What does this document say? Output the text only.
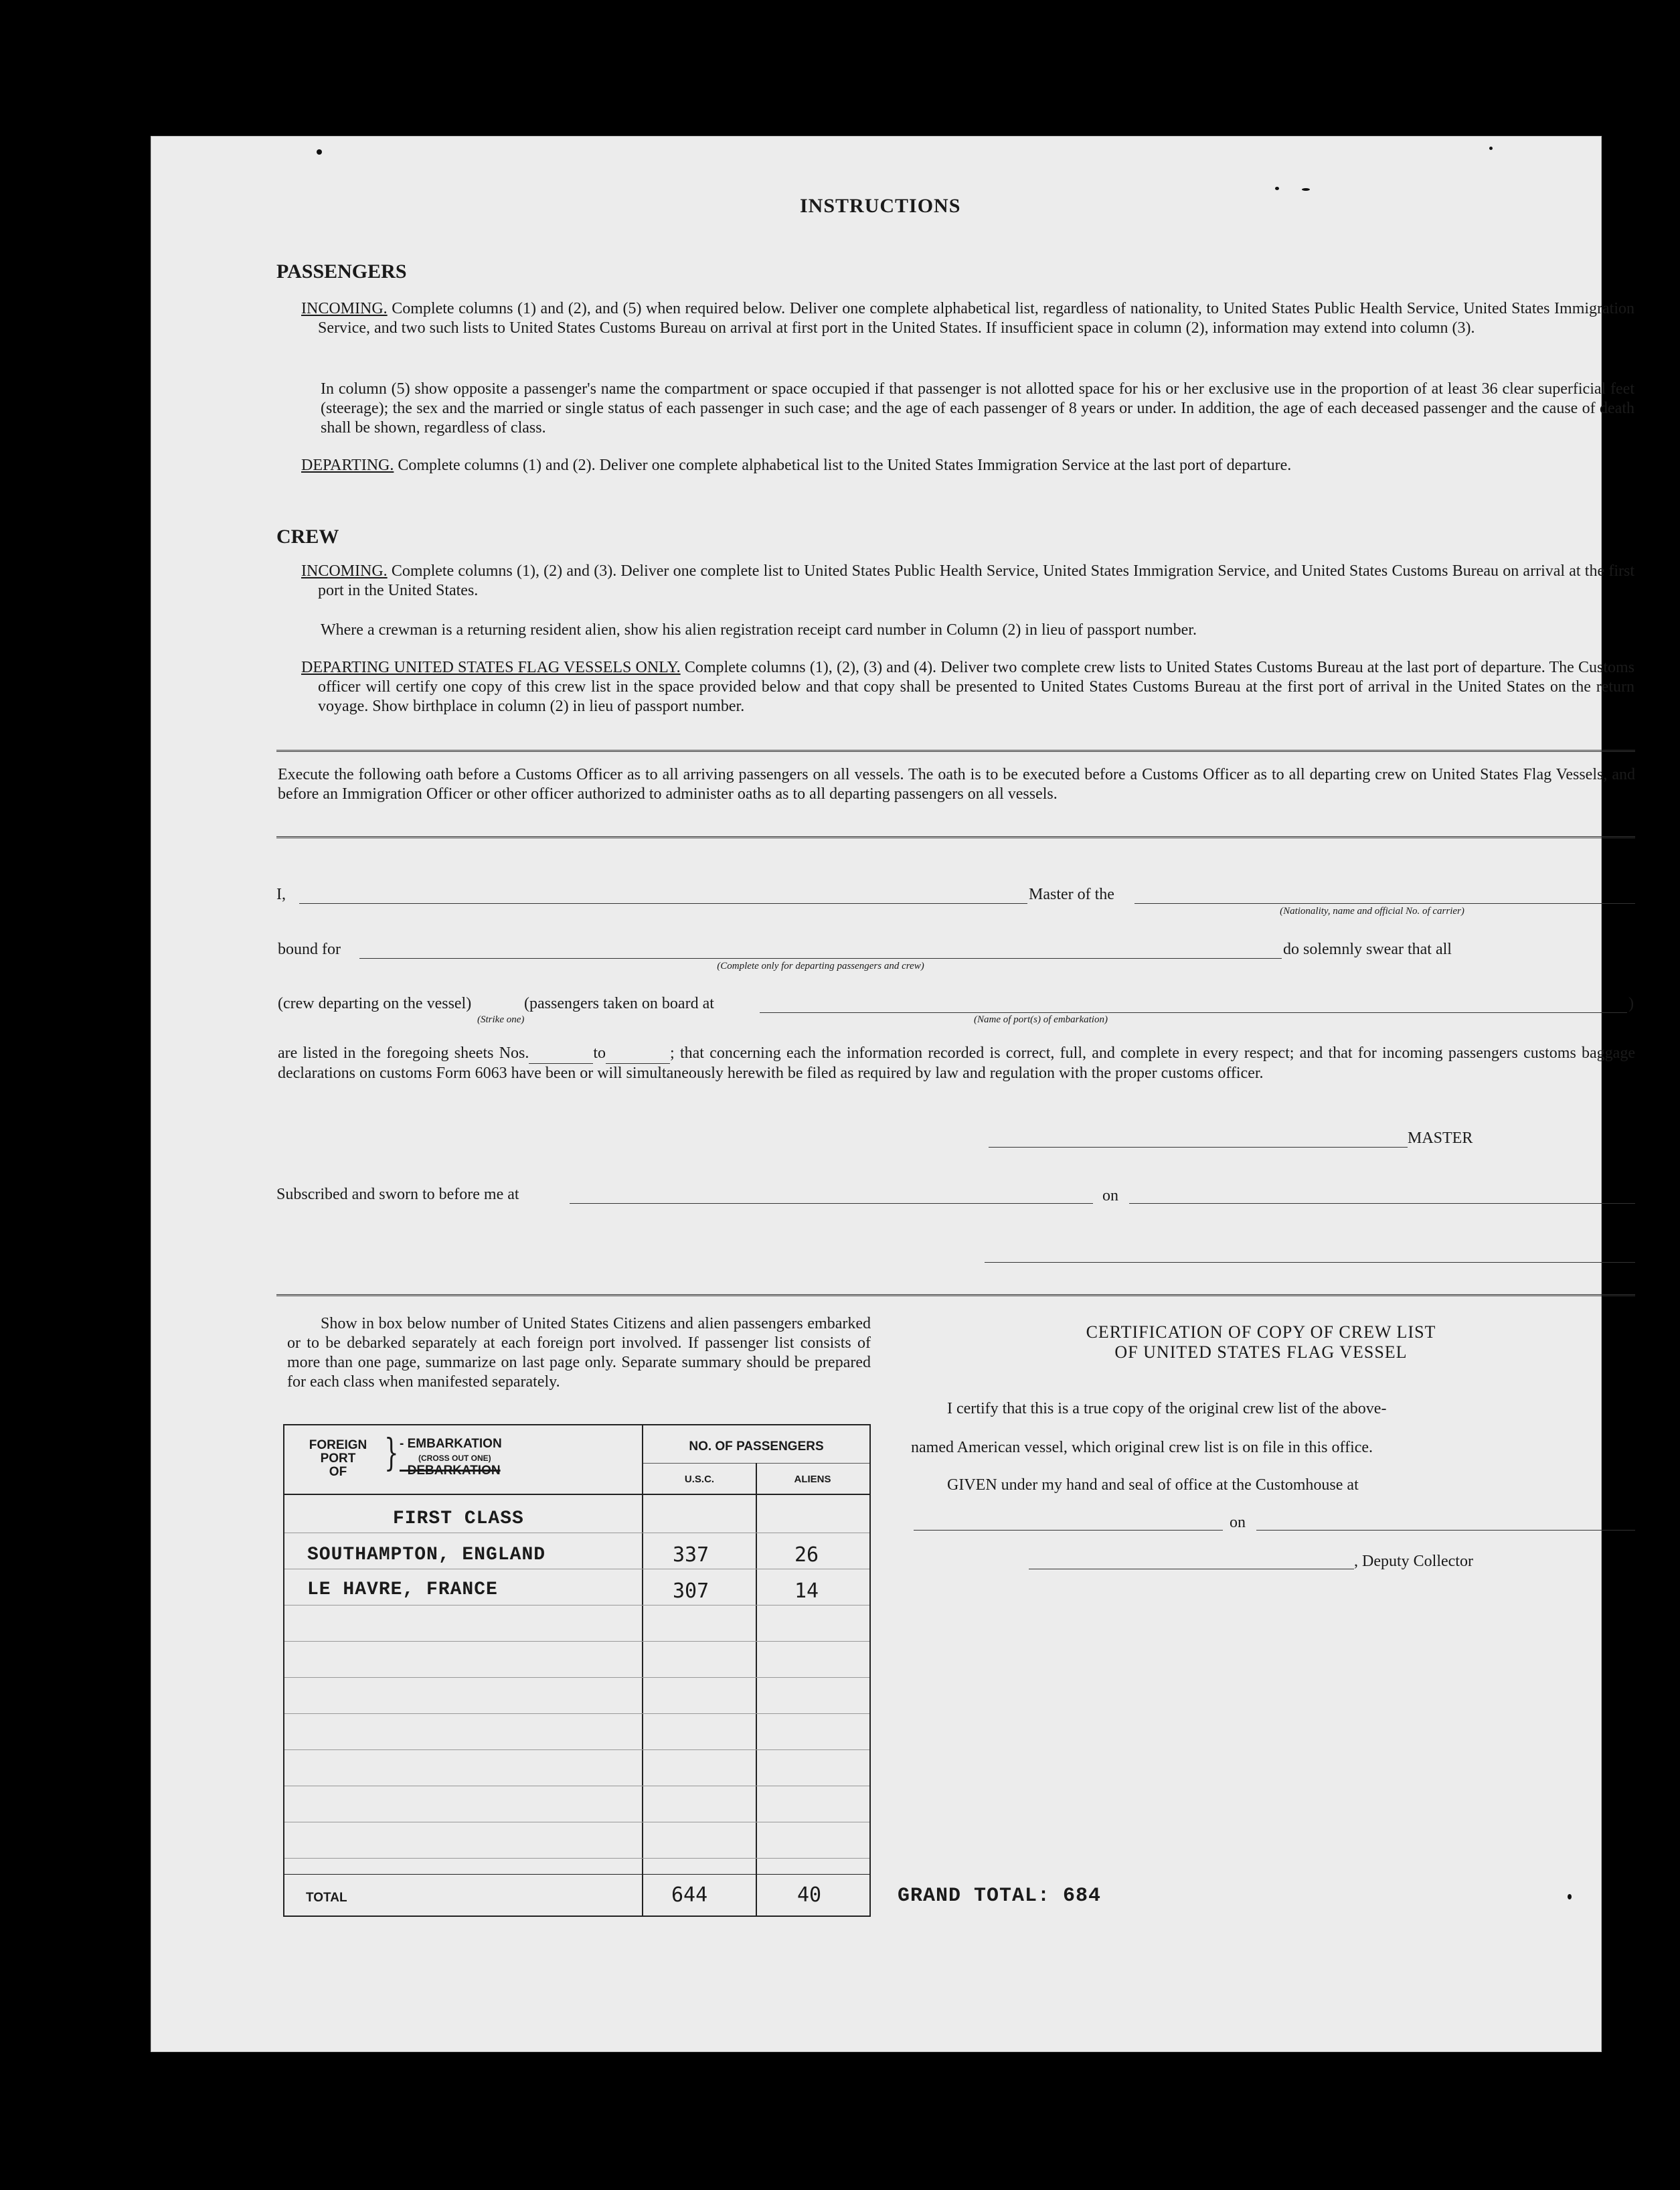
INSTRUCTIONS
PASSENGERS
INCOMING. Complete columns (1) and (2), and (5) when required below. Deliver one complete alphabetical list, regardless of nationality, to United States Public Health Service, United States Immigration Service, and two such lists to United States Customs Bureau on arrival at first port in the United States. If insufficient space in column (2), information may extend into column (3).
In column (5) show opposite a passenger's name the compartment or space occupied if that passenger is not allotted space for his or her exclusive use in the proportion of at least 36 clear superficial feet (steerage); the sex and the married or single status of each passenger in such case; and the age of each passenger of 8 years or under. In addition, the age of each deceased passenger and the cause of death shall be shown, regardless of class.
DEPARTING. Complete columns (1) and (2). Deliver one complete alphabetical list to the United States Immigration Service at the last port of departure.
CREW
INCOMING. Complete columns (1), (2) and (3). Deliver one complete list to United States Public Health Service, United States Immigration Service, and United States Customs Bureau on arrival at the first port in the United States.
Where a crewman is a returning resident alien, show his alien registration receipt card number in Column (2) in lieu of passport number.
DEPARTING UNITED STATES FLAG VESSELS ONLY. Complete columns (1), (2), (3) and (4). Deliver two complete crew lists to United States Customs Bureau at the last port of departure. The Customs officer will certify one copy of this crew list in the space provided below and that copy shall be presented to United States Customs Bureau at the first port of arrival in the United States on the return voyage. Show birthplace in column (2) in lieu of passport number.
Execute the following oath before a Customs Officer as to all arriving passengers on all vessels. The oath is to be executed before a Customs Officer as to all departing crew on United States Flag Vessels, and before an Immigration Officer or other officer authorized to administer oaths as to all departing passengers on all vessels.
I,	Master of the
(Nationality, name and official No. of carrier)
bound for
(Complete only for departing passengers and crew)
do solemnly swear that all
(crew departing on the vessel)
(Strike one)
(passengers taken on board at	)
(Name of port(s) of embarkation)
are listed in the foregoing sheets Nos.	to	; that concerning each the information recorded is correct, full, and complete in every respect; and that for incoming passengers customs baggage declarations on customs Form 6063 have been or will simultaneously herewith be filed as required by law and regulation with the proper customs officer.
MASTER
Subscribed and sworn to before me at	on
Show in box below number of United States Citizens and alien passengers embarked or to be debarked separately at each foreign port involved. If passenger list consists of more than one page, summarize on last page only. Separate summary should be prepared for each class when manifested separately.
FOREIGN
PORT
OF } - EMBARKATION
(CROSS OUT ONE)
- DEBARKATION
NO. OF PASSENGERS
U.S.C.	ALIENS
FIRST CLASS
SOUTHAMPTON, ENGLAND	337	26
LE HAVRE, FRANCE	307	14
TOTAL	644	40	GRAND TOTAL: 684
CERTIFICATION OF COPY OF CREW LIST
OF UNITED STATES FLAG VESSEL
I certify that this is a true copy of the original crew list of the above-
named American vessel, which original crew list is on file in this office.
GIVEN under my hand and seal of office at the Customhouse at
on
, Deputy Collector
